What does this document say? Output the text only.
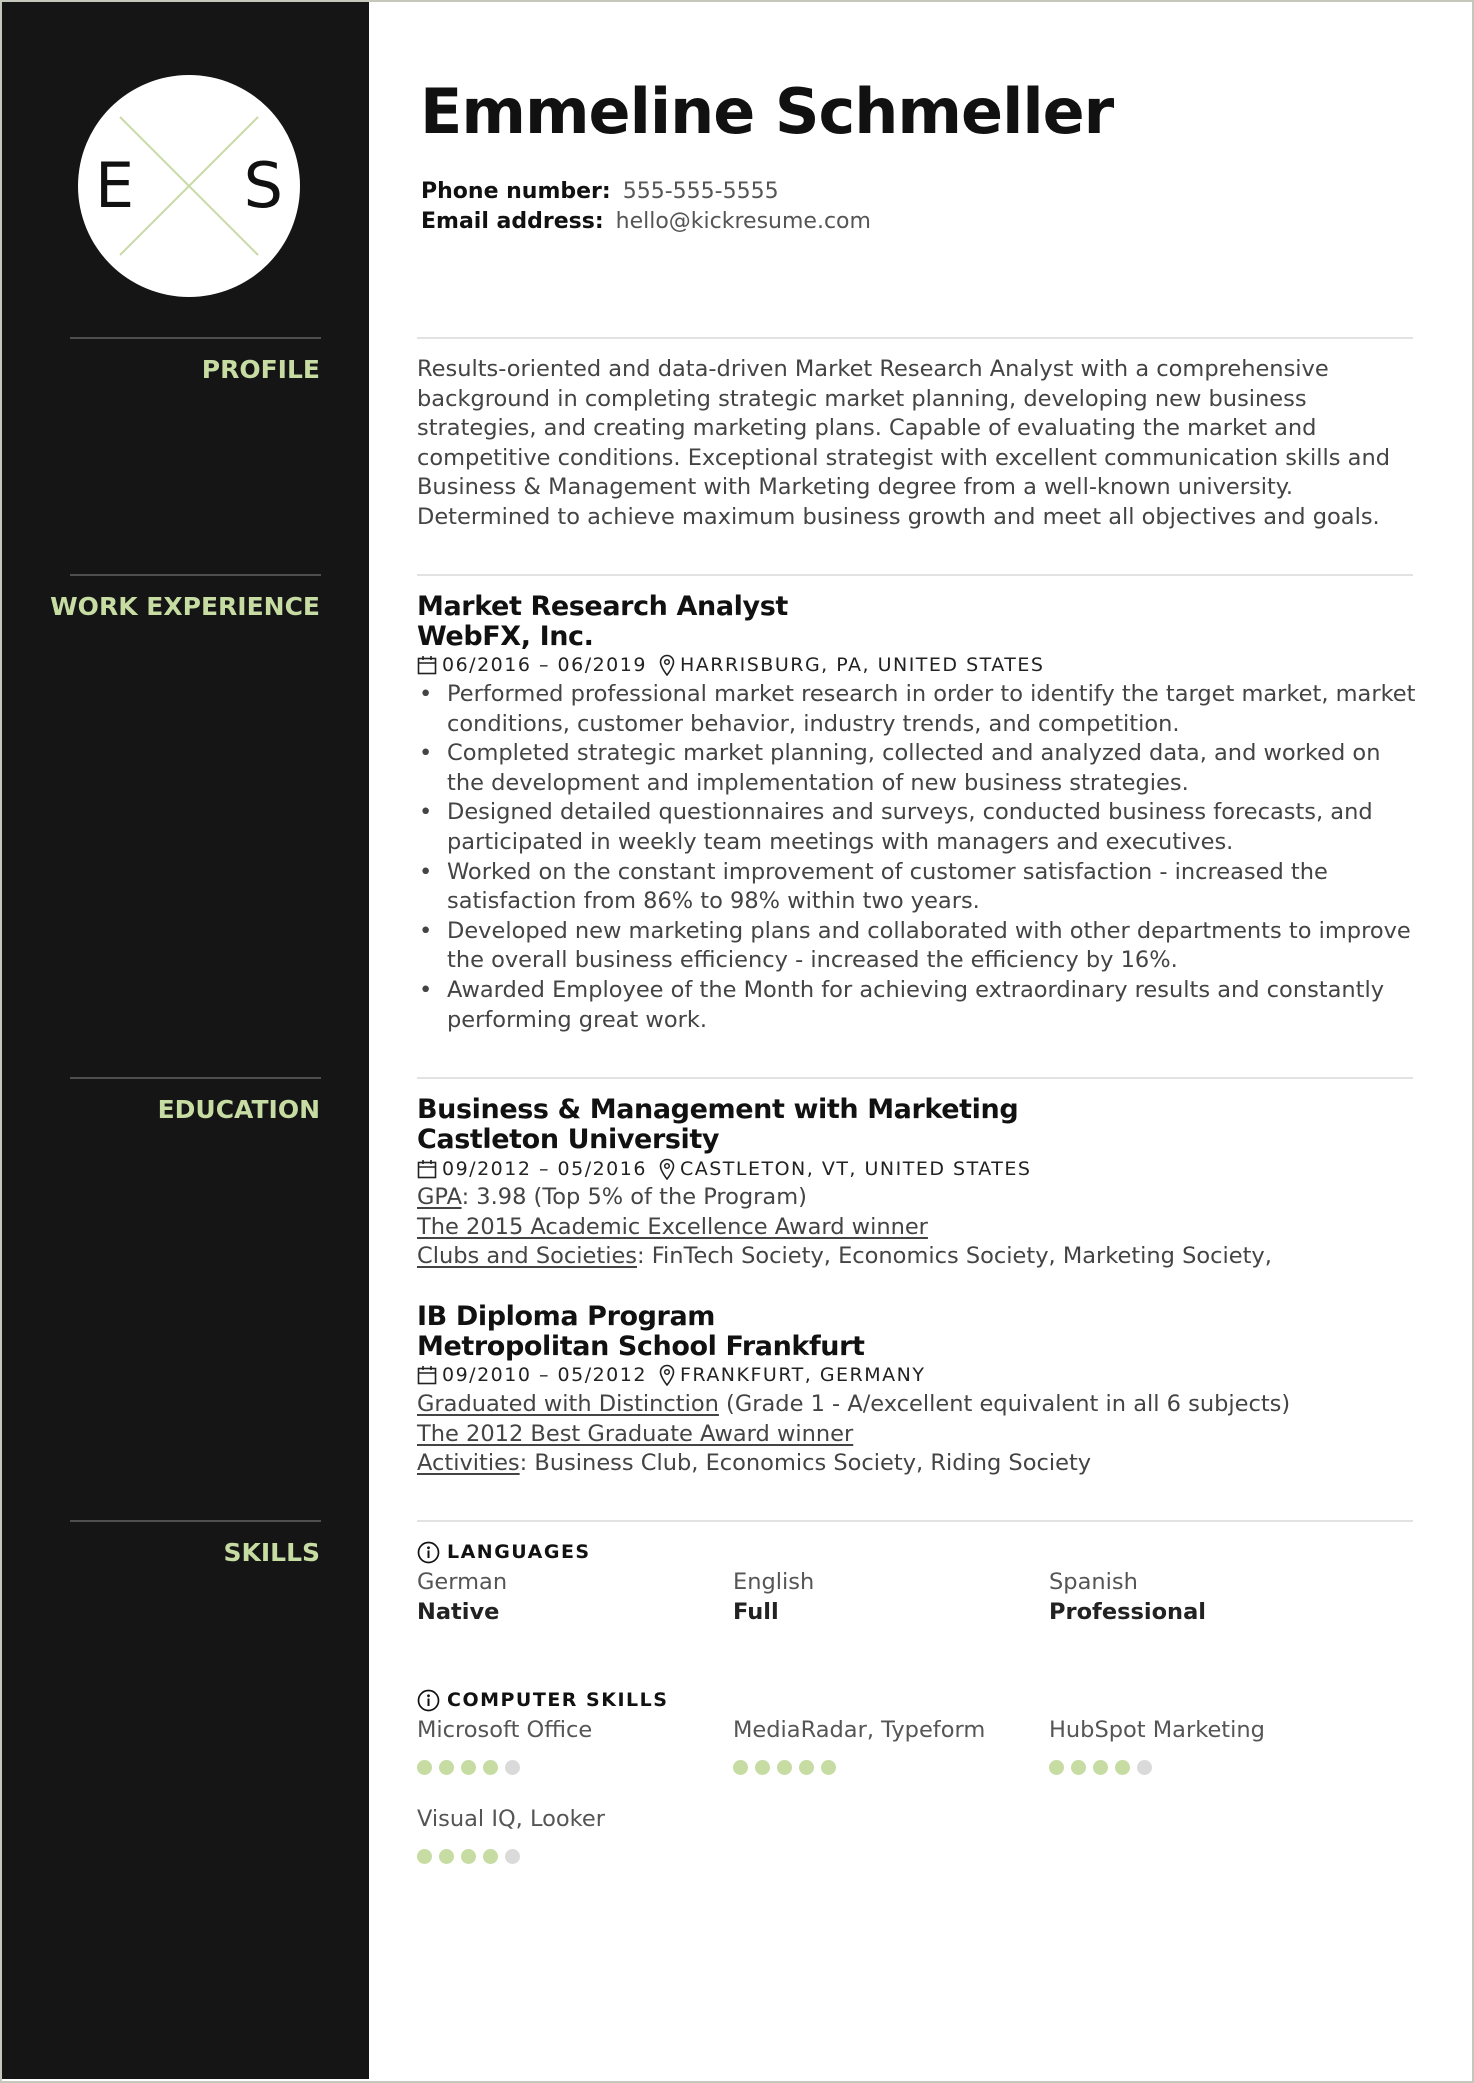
E S
PROFILE
WORK EXPERIENCE
EDUCATION
SKILLS
Emmeline Schmeller
Phone number: 555-555-5555
Email address: hello@kickresume.com

Results-oriented and data-driven Market Research Analyst with a comprehensive background in completing strategic market planning, developing new business strategies, and creating marketing plans. Capable of evaluating the market and competitive conditions. Exceptional strategist with excellent communication skills and Business & Management with Marketing degree from a well-known university. Determined to achieve maximum business growth and meet all objectives and goals.

Market Research Analyst
WebFX, Inc.
06/2016 – 06/2019 HARRISBURG, PA, UNITED STATES
• Performed professional market research in order to identify the target market, market conditions, customer behavior, industry trends, and competition.
• Completed strategic market planning, collected and analyzed data, and worked on the development and implementation of new business strategies.
• Designed detailed questionnaires and surveys, conducted business forecasts, and participated in weekly team meetings with managers and executives.
• Worked on the constant improvement of customer satisfaction - increased the satisfaction from 86% to 98% within two years.
• Developed new marketing plans and collaborated with other departments to improve the overall business efficiency - increased the efficiency by 16%.
• Awarded Employee of the Month for achieving extraordinary results and constantly performing great work.
Business & Management with Marketing
Castleton University
09/2012 – 05/2016 CASTLETON, VT, UNITED STATES
GPA: 3.98 (Top 5% of the Program)
The 2015 Academic Excellence Award winner
Clubs and Societies: FinTech Society, Economics Society, Marketing Society,
IB Diploma Program
Metropolitan School Frankfurt
09/2010 – 05/2012 FRANKFURT, GERMANY
Graduated with Distinction (Grade 1 - A/excellent equivalent in all 6 subjects)
The 2012 Best Graduate Award winner
Activities: Business Club, Economics Society, Riding Society
LANGUAGES
German
Native
English
Full
Spanish
Professional
COMPUTER SKILLS
Microsoft Office	MediaRadar, Typeform	HubSpot Marketing
Visual IQ, Looker
